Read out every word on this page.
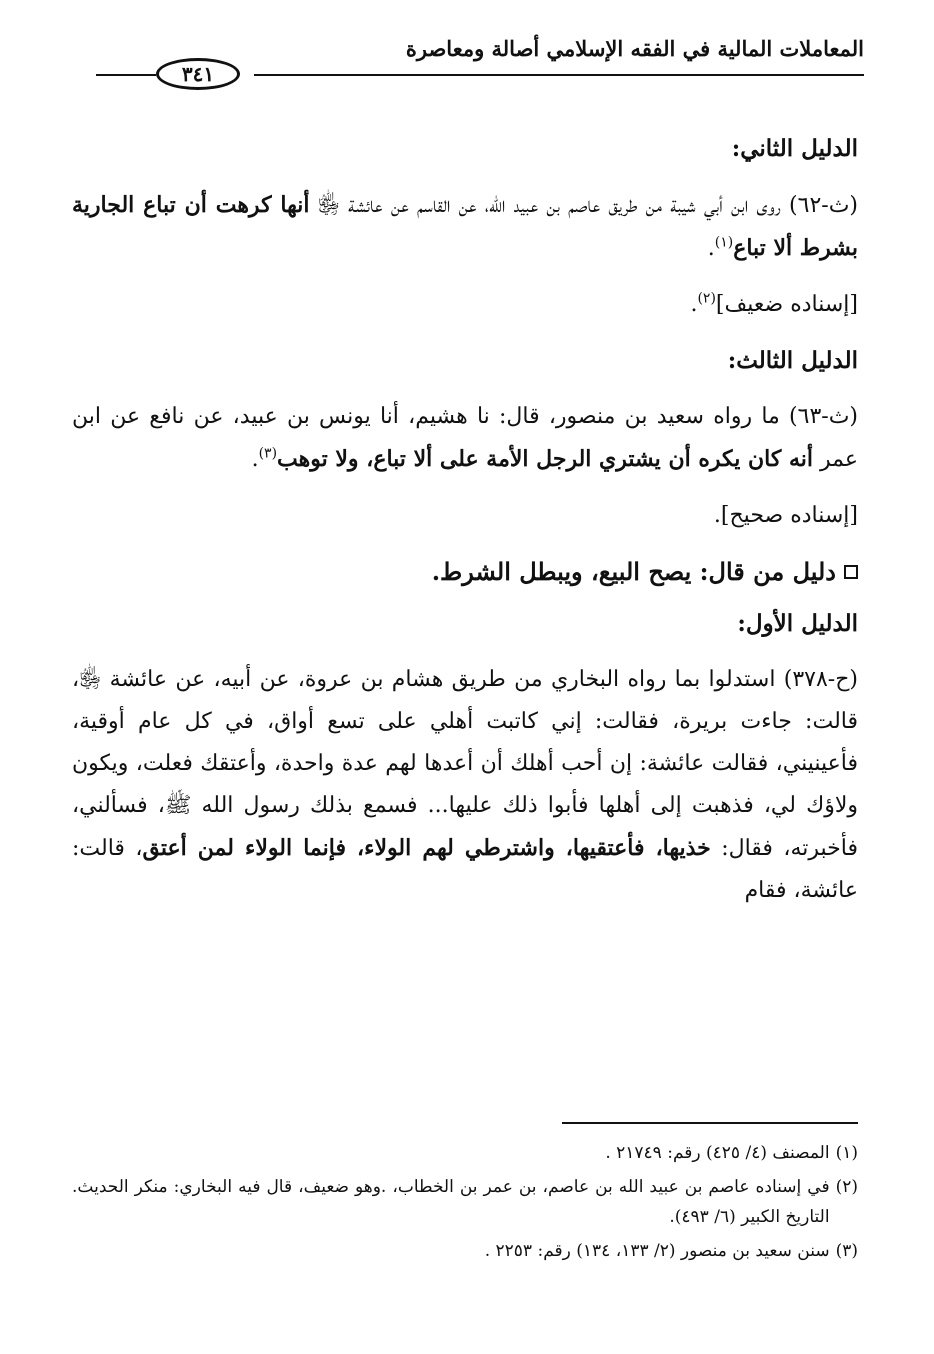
المعاملات المالية في الفقه الإسلامي أصالة ومعاصرة
٣٤١
الدليل الثاني:
(ث-٦٢) روى ابن أبي شيبة من طريق عاصم بن عبيد الله، عن القاسم عن عائشة ﵂ أنها كرهت أن تباع الجارية بشرط ألا تباع$^{(١)}$.
[إسناده ضعيف]$^{(٢)}$.
الدليل الثالث:
(ث-٦٣) ما رواه سعيد بن منصور، قال: نا هشيم، أنا يونس بن عبيد، عن نافع عن ابن عمر أنه كان يكره أن يشتري الرجل الأمة على ألا تباع، ولا توهب$^{(٣)}$.
[إسناده صحيح].
دليل من قال: يصح البيع، ويبطل الشرط.
الدليل الأول:
(ح-٣٧٨) استدلوا بما رواه البخاري من طريق هشام بن عروة، عن أبيه، عن عائشة ﵂، قالت: جاءت بريرة، فقالت: إني كاتبت أهلي على تسع أواق، في كل عام أوقية، فأعينيني، فقالت عائشة: إن أحب أهلك أن أعدها لهم عدة واحدة، وأعتقك فعلت، ويكون ولاؤك لي، فذهبت إلى أهلها فأبوا ذلك عليها... فسمع بذلك رسول الله ﷺ، فسألني، فأخبرته، فقال: خذيها، فأعتقيها، واشترطي لهم الولاء، فإنما الولاء لمن أعتق، قالت: عائشة، فقام
(١)
المصنف (٤/ ٤٢٥) رقم: ٢١٧٤٩ .
(٢)
في إسناده عاصم بن عبيد الله بن عاصم، بن عمر بن الخطاب، .وهو ضعيف، قال فيه البخاري: منكر الحديث. التاريخ الكبير (٦/ ٤٩٣).
(٣)
سنن سعيد بن منصور (٢/ ١٣٣، ١٣٤) رقم: ٢٢٥٣ .
